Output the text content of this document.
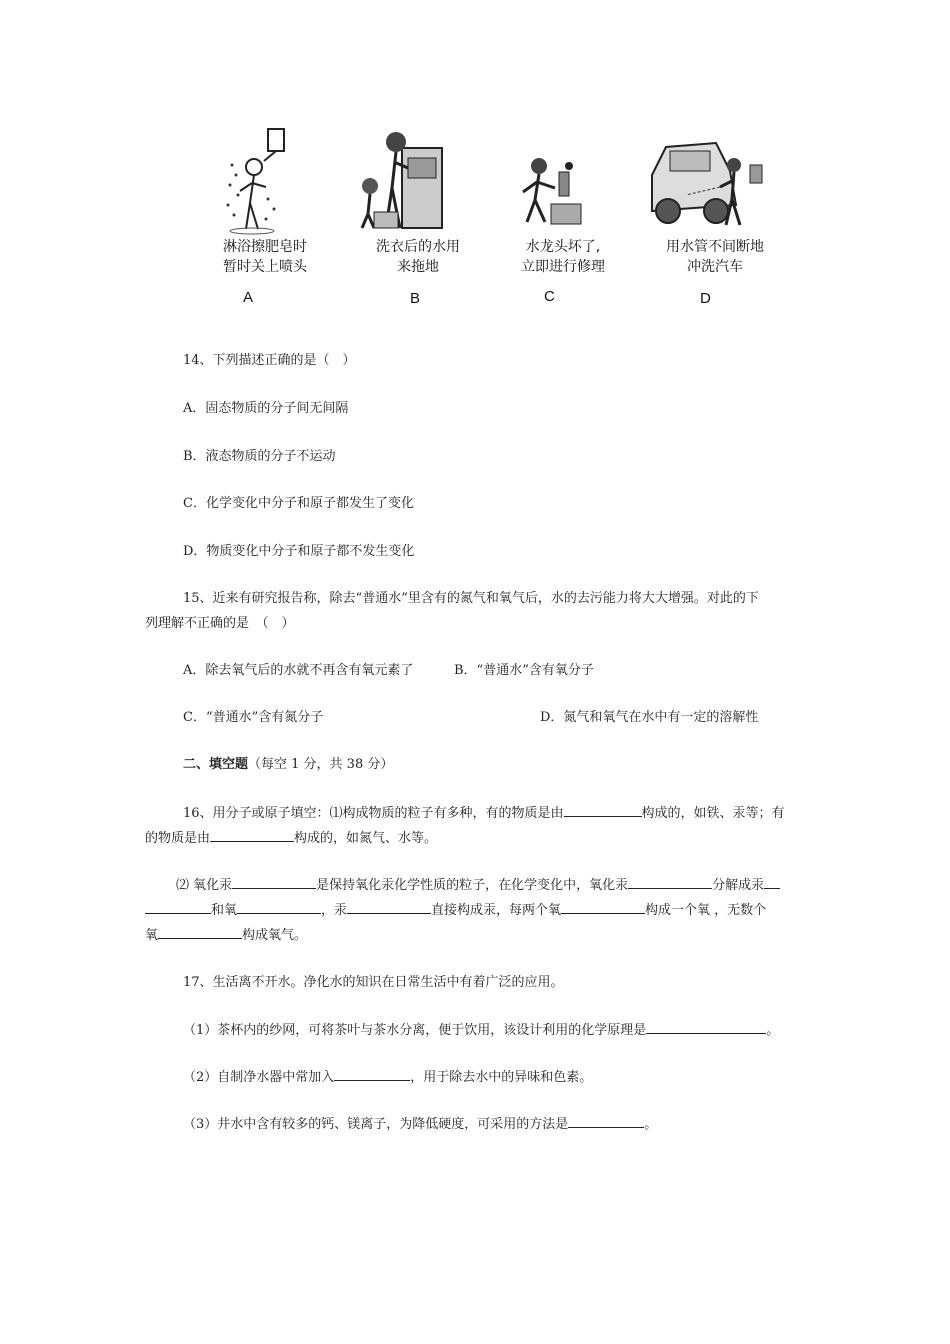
淋浴擦肥皂时
暂时关上喷头
洗衣后的水用
来拖地
水龙头坏了,
立即进行修理
用水管不间断地
冲洗汽车
A	B	C	D
14、下列描述正确的是（　）
A．固态物质的分子间无间隔
B．液态物质的分子不运动
C．化学变化中分子和原子都发生了变化
D．物质变化中分子和原子都不发生变化
15、近来有研究报告称，除去“普通水”里含有的氮气和氧气后，水的去污能力将大大增强。对此的下
列理解不正确的是　（　）
A．除去氧气后的水就不再含有氧元素了	B．“普通水”含有氧分子
C．“普通水”含有氮分子	D．氮气和氧气在水中有一定的溶解性
二、填空题（每空 1 分，共 38 分）
16、用分子或原子填空：⑴构成物质的粒子有多种，有的物质是由	构成的，如铁、汞等；有
的物质是由	构成的，如氮气、水等。
⑵ 氧化汞	是保持氧化汞化学性质的粒子，在化学变化中，氧化汞	分解成汞
和氧	，汞	直接构成汞，每两个氧	构成一个氧 ，无数个
氧	构成氧气。
17、生活离不开水。净化水的知识在日常生活中有着广泛的应用。
（1）茶杯内的纱网，可将茶叶与茶水分离，便于饮用，该设计利用的化学原理是	。
（2）自制净水器中常加入	，用于除去水中的异味和色素。
（3）井水中含有较多的钙、镁离子，为降低硬度，可采用的方法是	。
